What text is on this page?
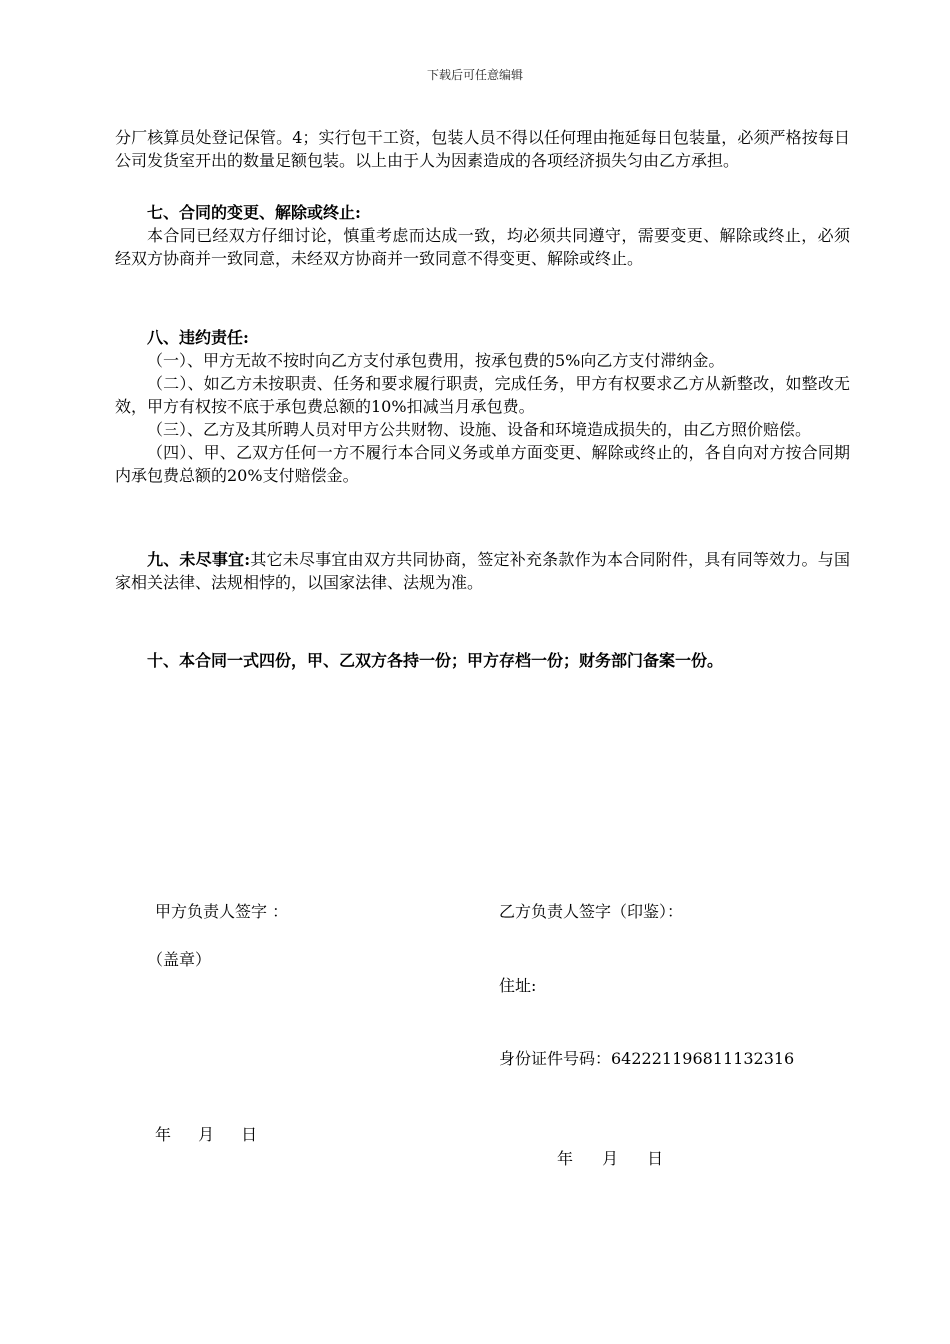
下载后可任意编辑

分厂核算员处登记保管。4；实行包干工资，包装人员不得以任何理由拖延每日包装量，必须严格按每日公司发货室开出的数量足额包装。以上由于人为因素造成的各项经济损失匀由乙方承担。

七、合同的变更、解除或终止:

本合同已经双方仔细讨论，慎重考虑而达成一致，均必须共同遵守，需要变更、解除或终止，必须经双方协商并一致同意，未经双方协商并一致同意不得变更、解除或终止。

八、违约责任:

（一）、甲方无故不按时向乙方支付承包费用，按承包费的5%向乙方支付滞纳金。

（二）、如乙方未按职责、任务和要求履行职责，完成任务，甲方有权要求乙方从新整改，如整改无效，甲方有权按不底于承包费总额的10%扣减当月承包费。

（三）、乙方及其所聘人员对甲方公共财物、设施、设备和环境造成损失的，由乙方照价赔偿。

（四）、甲、乙双方任何一方不履行本合同义务或单方面变更、解除或终止的，各自向对方按合同期内承包费总额的20%支付赔偿金。

九、未尽事宜:其它未尽事宜由双方共同协商，签定补充条款作为本合同附件，具有同等效力。与国家相关法律、法规相悖的，以国家法律、法规为准。

十、本合同一式四份，甲、乙双方各持一份；甲方存档一份；财务部门备案一份。

甲方负责人签字 ：
（盖章）
年　 月　 日
乙方负责人签字（印鉴）：
住址:
身份证件号码：642221196811132316
年　 月　 日
